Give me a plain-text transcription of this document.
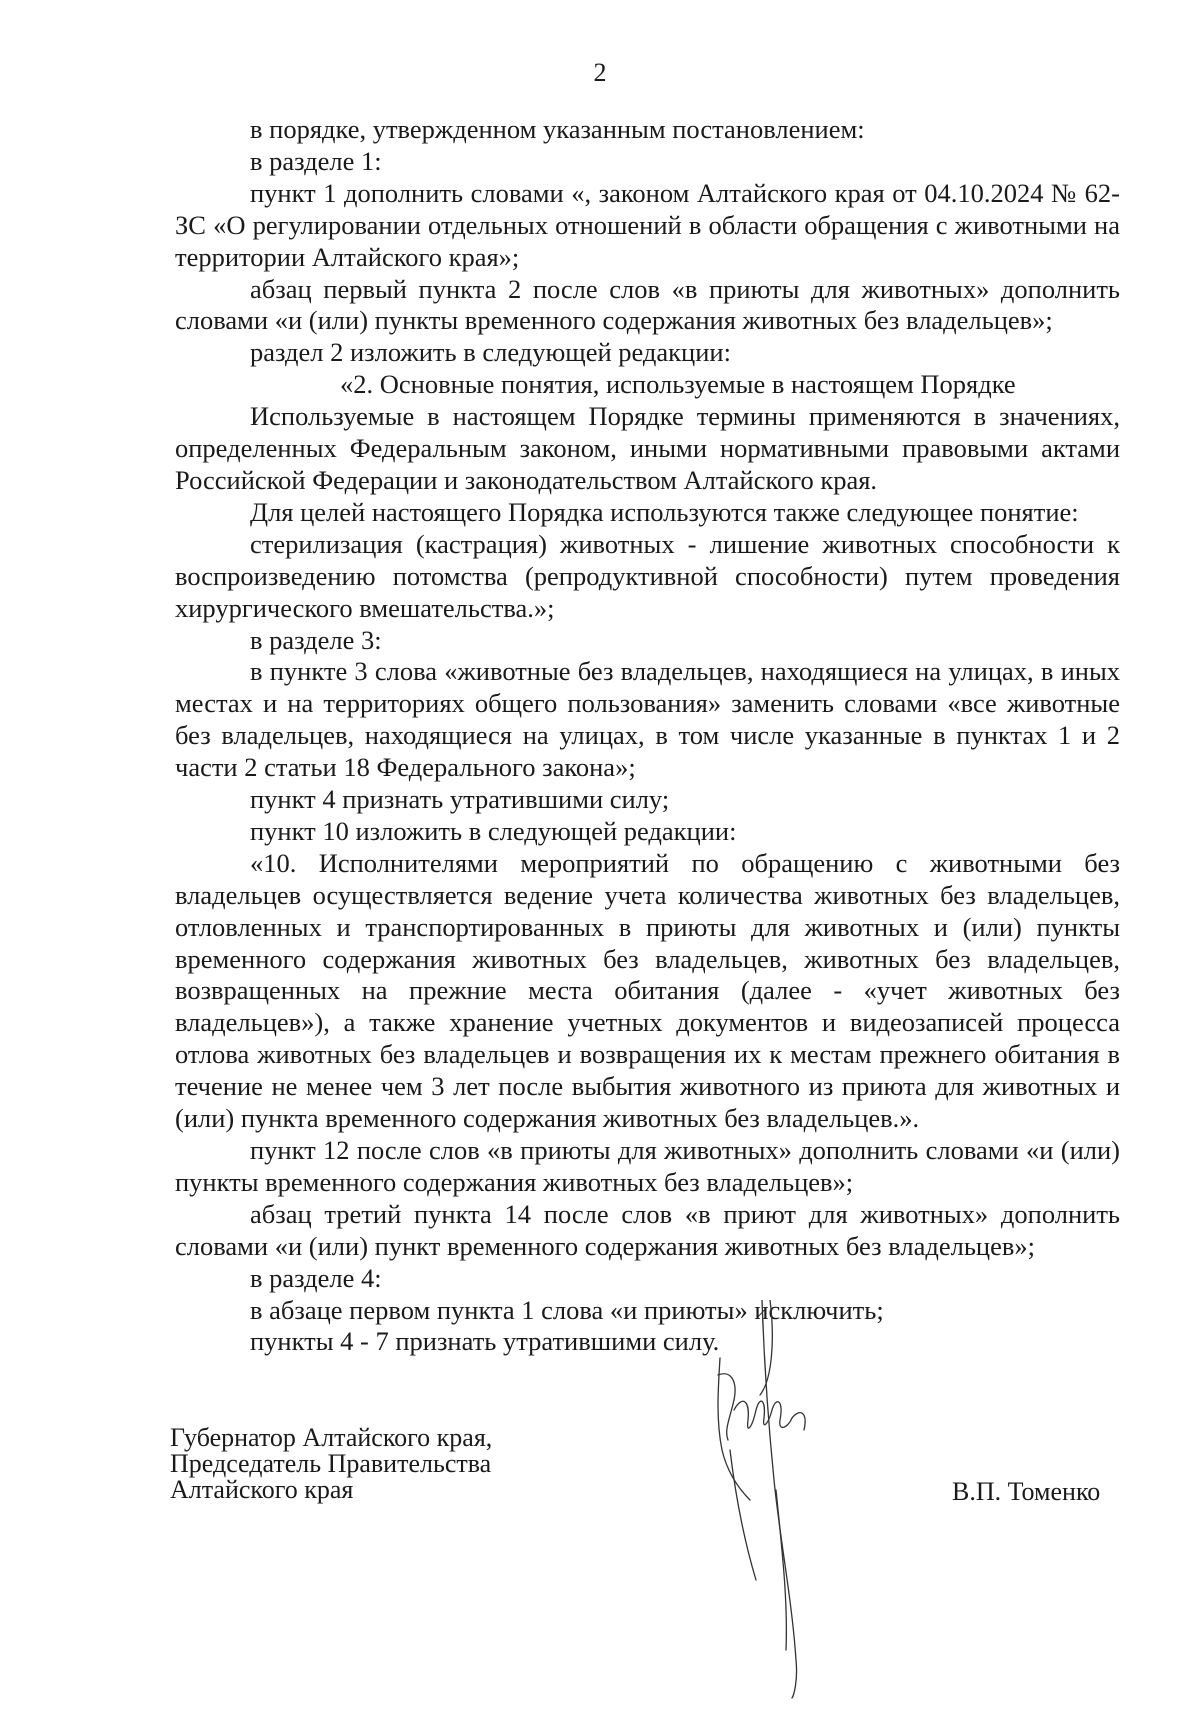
2

в порядке, утвержденном указанным постановлением:

в разделе 1:

пункт 1 дополнить словами «, законом Алтайского края от 04.10.2024 № 62-ЗС «О регулировании отдельных отношений в области обращения с животными на территории Алтайского края»;

абзац первый пункта 2 после слов «в приюты для животных» дополнить словами «и (или) пункты временного содержания животных без владельцев»;

раздел 2 изложить в следующей редакции:

«2. Основные понятия, используемые в настоящем Порядке

Используемые в настоящем Порядке термины применяются в значениях, определенных Федеральным законом, иными нормативными правовыми актами Российской Федерации и законодательством Алтайского края.

Для целей настоящего Порядка используются также следующее понятие:

стерилизация (кастрация) животных - лишение животных способности к воспроизведению потомства (репродуктивной способности) путем проведения хирургического вмешательства.»;

в разделе 3:

в пункте 3 слова «животные без владельцев, находящиеся на улицах, в иных местах и на территориях общего пользования» заменить словами «все животные без владельцев, находящиеся на улицах, в том числе указанные в пунктах 1 и 2 части 2 статьи 18 Федерального закона»;

пункт 4 признать утратившими силу;

пункт 10 изложить в следующей редакции:

«10. Исполнителями мероприятий по обращению с животными без владельцев осуществляется ведение учета количества животных без владельцев, отловленных и транспортированных в приюты для животных и (или) пункты временного содержания животных без владельцев, животных без владельцев, возвращенных на прежние места обитания (далее - «учет животных без владельцев»), а также хранение учетных документов и видеозаписей процесса отлова животных без владельцев и возвращения их к местам прежнего обитания в течение не менее чем 3 лет после выбытия животного из приюта для животных и (или) пункта временного содержания животных без владельцев.».

пункт 12 после слов «в приюты для животных» дополнить словами «и (или) пункты временного содержания животных без владельцев»;

абзац третий пункта 14 после слов «в приют для животных» дополнить словами «и (или) пункт временного содержания животных без владельцев»;

в разделе 4:

в абзаце первом пункта 1 слова «и приюты» исключить;

пункты 4 - 7 признать утратившими силу.

Губернатор Алтайского края,
Председатель Правительства
Алтайского края	В.П. Томенко
